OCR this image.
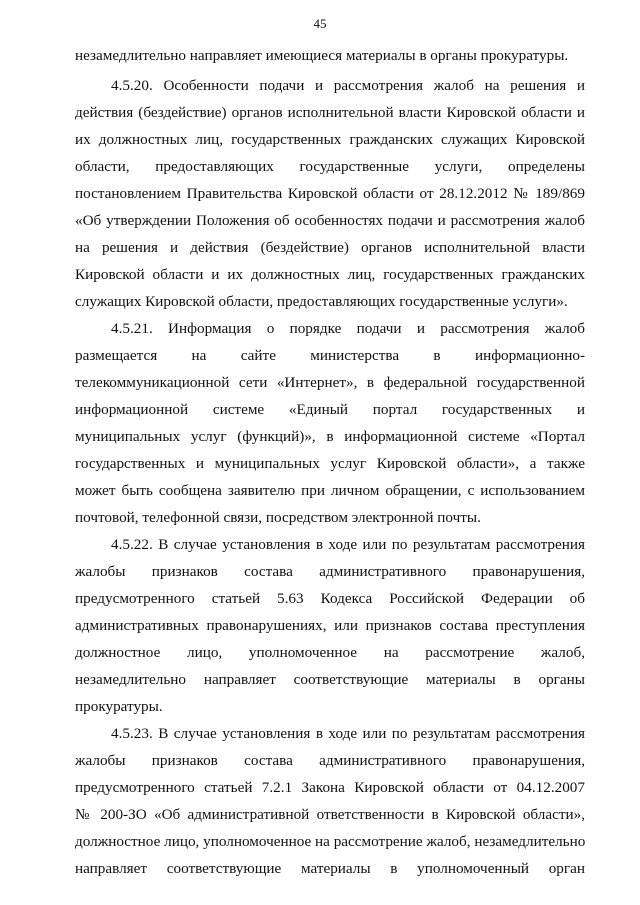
45
незамедлительно направляет имеющиеся материалы в органы прокуратуры.
4.5.20. Особенности подачи и рассмотрения жалоб на решения и
действия (бездействие) органов исполнительной власти Кировской области и
их должностных лиц, государственных гражданских служащих Кировской
области, предоставляющих государственные услуги, определены
постановлением Правительства Кировской области от 28.12.2012 № 189/869
«Об утверждении Положения об особенностях подачи и рассмотрения жалоб
на решения и действия (бездействие) органов исполнительной власти
Кировской области и их должностных лиц, государственных гражданских
служащих Кировской области, предоставляющих государственные услуги».
4.5.21. Информация о порядке подачи и рассмотрения жалоб
размещается на сайте министерства в информационно-
телекоммуникационной сети «Интернет», в федеральной государственной
информационной системе «Единый портал государственных и
муниципальных услуг (функций)», в информационной системе «Портал
государственных и муниципальных услуг Кировской области», а также
может быть сообщена заявителю при личном обращении, с использованием
почтовой, телефонной связи, посредством электронной почты.
4.5.22. В случае установления в ходе или по результатам рассмотрения
жалобы признаков состава административного правонарушения,
предусмотренного статьей 5.63 Кодекса Российской Федерации об
административных правонарушениях, или признаков состава преступления
должностное лицо, уполномоченное на рассмотрение жалоб,
незамедлительно направляет соответствующие материалы в органы
прокуратуры.
4.5.23. В случае установления в ходе или по результатам рассмотрения
жалобы признаков состава административного правонарушения,
предусмотренного статьей 7.2.1 Закона Кировской области от 04.12.2007
№ 200-ЗО «Об административной ответственности в Кировской области»,
должностное лицо, уполномоченное на рассмотрение жалоб, незамедлительно
направляет соответствующие материалы в уполномоченный орган
